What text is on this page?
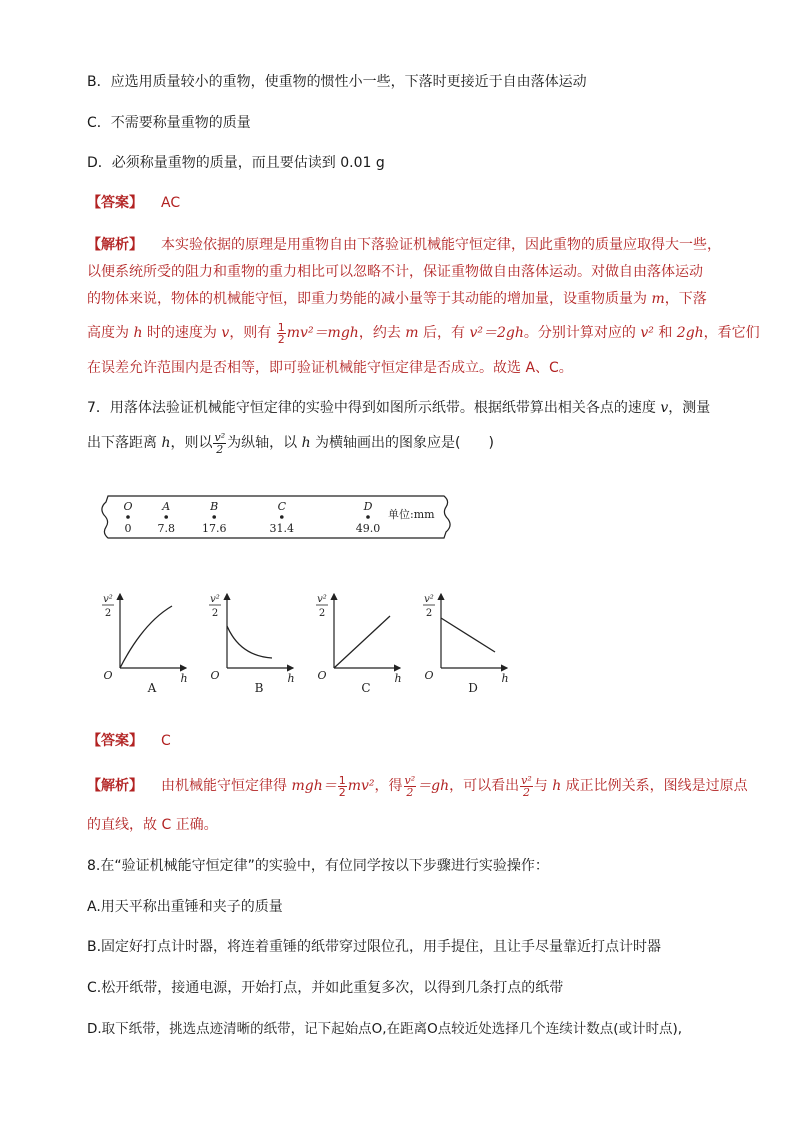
B．应选用质量较小的重物，使重物的惯性小一些，下落时更接近于自由落体运动
C．不需要称量重物的质量
D．必须称量重物的质量，而且要估读到 0.01 g
【答案】 AC
【解析】 本实验依据的原理是用重物自由下落验证机械能守恒定律，因此重物的质量应取得大一些，
以便系统所受的阻力和重物的重力相比可以忽略不计，保证重物做自由落体运动。对做自由落体运动
的物体来说，物体的机械能守恒，即重力势能的减小量等于其动能的增加量，设重物质量为 m，下落
高度为 h 时的速度为 v，则有 $\frac{1}{2} mv^2=mgh$，约去 m 后，有 v²＝2gh。分别计算对应的 v² 和 2gh，看它们
在误差允许范围内是否相等，即可验证机械能守恒定律是否成立。故选 A、C。
7．用落体法验证机械能守恒定律的实验中得到如图所示纸带。根据纸带算出相关各点的速度 v，测量
出下落距离 h，则以 $\frac{\text{v²}}{2}$ 为纵轴，以 h 为横轴画出的图象应是(　　)
O
0
A
7.8
B
17.6
C
31.4
D
49.0
单位:mm
v²
2
O	h
A
v²
2
O	h
B
v²
2
O	h
C
v²
2
O	h
D
【答案】 C
【解析】 由机械能守恒定律得 $mgh= \frac{1}{2} mv^2$，得 $\frac{\text{v²}}{2} =gh$，可以看出 $\frac{\text{v²}}{2}$ 与 h 成正比例关系，图线是过原点
的直线，故 C 正确。
8.在“验证机械能守恒定律”的实验中，有位同学按以下步骤进行实验操作：
A.用天平称出重锤和夹子的质量
B.固定好打点计时器，将连着重锤的纸带穿过限位孔，用手提住，且让手尽量靠近打点计时器
C.松开纸带，接通电源，开始打点，并如此重复多次，以得到几条打点的纸带
D.取下纸带，挑选点迹清晰的纸带，记下起始点O,在距离O点较近处选择几个连续计数点(或计时点),
